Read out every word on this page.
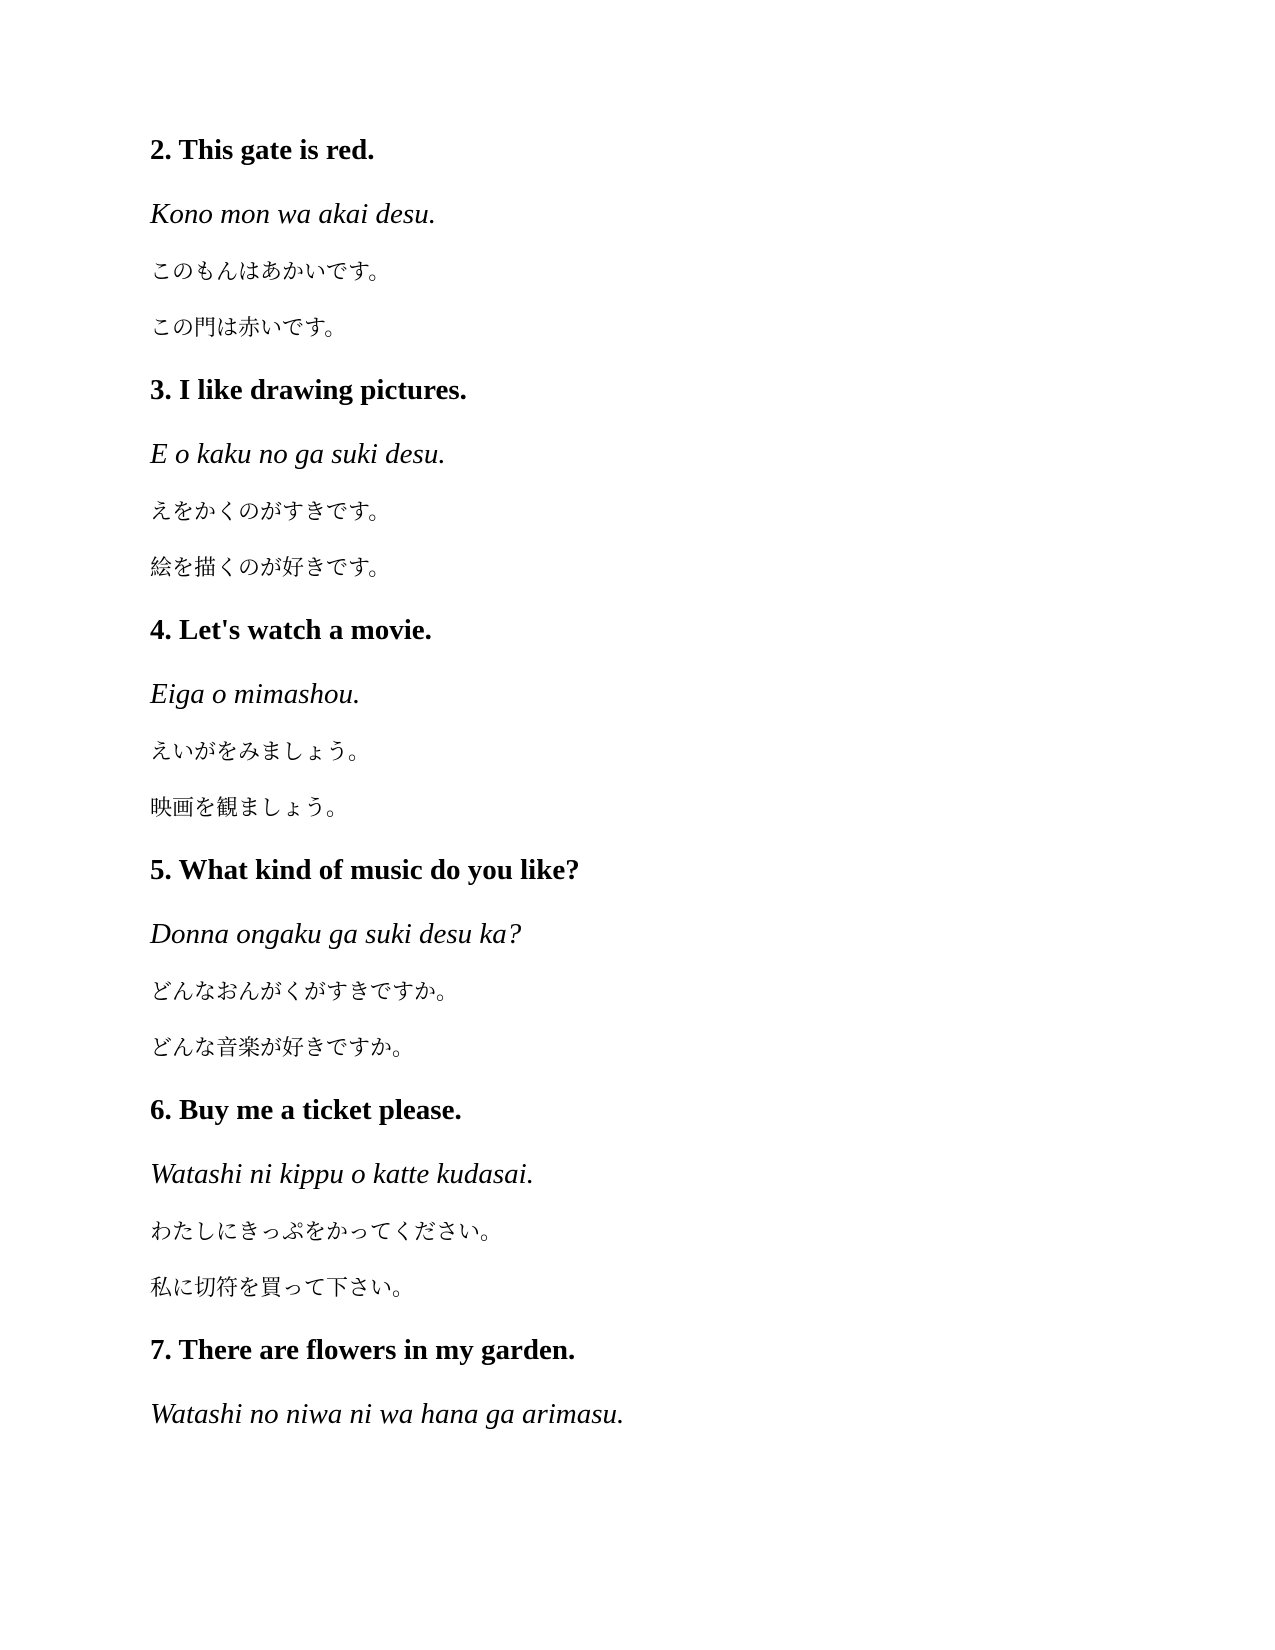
2. This gate is red.
Kono mon wa akai desu.
このもんはあかいです。
この門は赤いです。
3. I like drawing pictures.
E o kaku no ga suki desu.
えをかくのがすきです。
絵を描くのが好きです。
4. Let's watch a movie.
Eiga o mimashou.
えいがをみましょう。
映画を観ましょう。
5. What kind of music do you like?
Donna ongaku ga suki desu ka?
どんなおんがくがすきですか。
どんな音楽が好きですか。
6. Buy me a ticket please.
Watashi ni kippu o katte kudasai.
わたしにきっぷをかってください。
私に切符を買って下さい。
7. There are flowers in my garden.
Watashi no niwa ni wa hana ga arimasu.
